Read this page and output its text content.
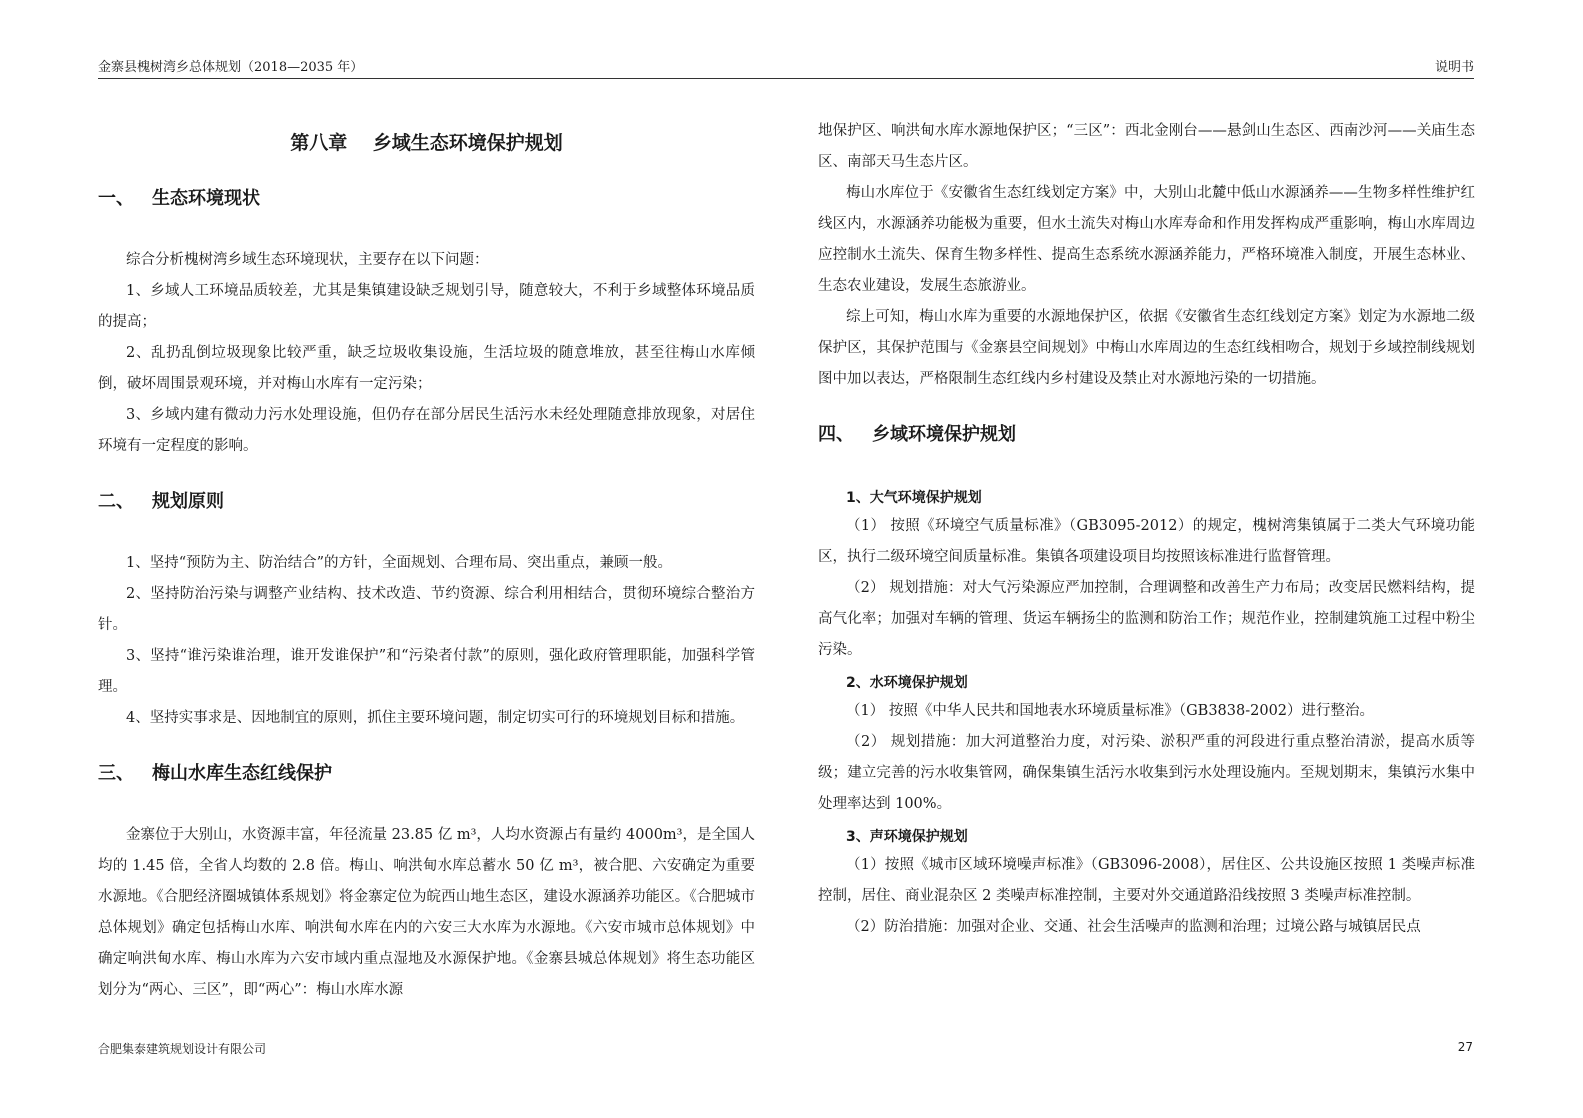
金寨县槐树湾乡总体规划（2018—2035 年）	说明书
第八章　 乡域生态环境保护规划
一、 生态环境现状

综合分析槐树湾乡域生态环境现状，主要存在以下问题：

1、乡域人工环境品质较差，尤其是集镇建设缺乏规划引导，随意较大，不利于乡域整体环境品质的提高；

2、乱扔乱倒垃圾现象比较严重，缺乏垃圾收集设施，生活垃圾的随意堆放，甚至往梅山水库倾倒，破坏周围景观环境，并对梅山水库有一定污染；

3、乡域内建有微动力污水处理设施，但仍存在部分居民生活污水未经处理随意排放现象，对居住环境有一定程度的影响。

二、 规划原则

1、坚持“预防为主、防治结合”的方针，全面规划、合理布局、突出重点，兼顾一般。

2、坚持防治污染与调整产业结构、技术改造、节约资源、综合利用相结合，贯彻环境综合整治方针。

3、坚持“谁污染谁治理，谁开发谁保护”和“污染者付款”的原则，强化政府管理职能，加强科学管理。

4、坚持实事求是、因地制宜的原则，抓住主要环境问题，制定切实可行的环境规划目标和措施。

三、 梅山水库生态红线保护

金寨位于大别山，水资源丰富，年径流量 23.85 亿 m³，人均水资源占有量约 4000m³，是全国人均的 1.45 倍，全省人均数的 2.8 倍。梅山、响洪甸水库总蓄水 50 亿 m³，被合肥、六安确定为重要水源地。《合肥经济圈城镇体系规划》将金寨定位为皖西山地生态区，建设水源涵养功能区。《合肥城市总体规划》确定包括梅山水库、响洪甸水库在内的六安三大水库为水源地。《六安市城市总体规划》中确定响洪甸水库、梅山水库为六安市域内重点湿地及水源保护地。《金寨县城总体规划》将生态功能区划分为“两心、三区”，即“两心”：梅山水库水源

地保护区、响洪甸水库水源地保护区；“三区”：西北金刚台——悬剑山生态区、西南沙河——关庙生态区、南部天马生态片区。

梅山水库位于《安徽省生态红线划定方案》中，大别山北麓中低山水源涵养——生物多样性维护红线区内，水源涵养功能极为重要，但水土流失对梅山水库寿命和作用发挥构成严重影响，梅山水库周边应控制水土流失、保育生物多样性、提高生态系统水源涵养能力，严格环境准入制度，开展生态林业、生态农业建设，发展生态旅游业。

综上可知，梅山水库为重要的水源地保护区，依据《安徽省生态红线划定方案》划定为水源地二级保护区，其保护范围与《金寨县空间规划》中梅山水库周边的生态红线相吻合，规划于乡域控制线规划图中加以表达，严格限制生态红线内乡村建设及禁止对水源地污染的一切措施。

四、 乡域环境保护规划
1、大气环境保护规划

（1） 按照《环境空气质量标准》（GB3095-2012）的规定，槐树湾集镇属于二类大气环境功能区，执行二级环境空间质量标准。集镇各项建设项目均按照该标准进行监督管理。

（2） 规划措施：对大气污染源应严加控制，合理调整和改善生产力布局；改变居民燃料结构，提高气化率；加强对车辆的管理、货运车辆扬尘的监测和防治工作；规范作业，控制建筑施工过程中粉尘污染。

2、水环境保护规划

（1） 按照《中华人民共和国地表水环境质量标准》（GB3838-2002）进行整治。

（2） 规划措施：加大河道整治力度，对污染、淤积严重的河段进行重点整治清淤，提高水质等级；建立完善的污水收集管网，确保集镇生活污水收集到污水处理设施内。至规划期末，集镇污水集中处理率达到 100%。

3、声环境保护规划

（1）按照《城市区域环境噪声标准》（GB3096-2008），居住区、公共设施区按照 1 类噪声标准控制，居住、商业混杂区 2 类噪声标准控制，主要对外交通道路沿线按照 3 类噪声标准控制。

（2）防治措施：加强对企业、交通、社会生活噪声的监测和治理；过境公路与城镇居民点

合肥集泰建筑规划设计有限公司	27
